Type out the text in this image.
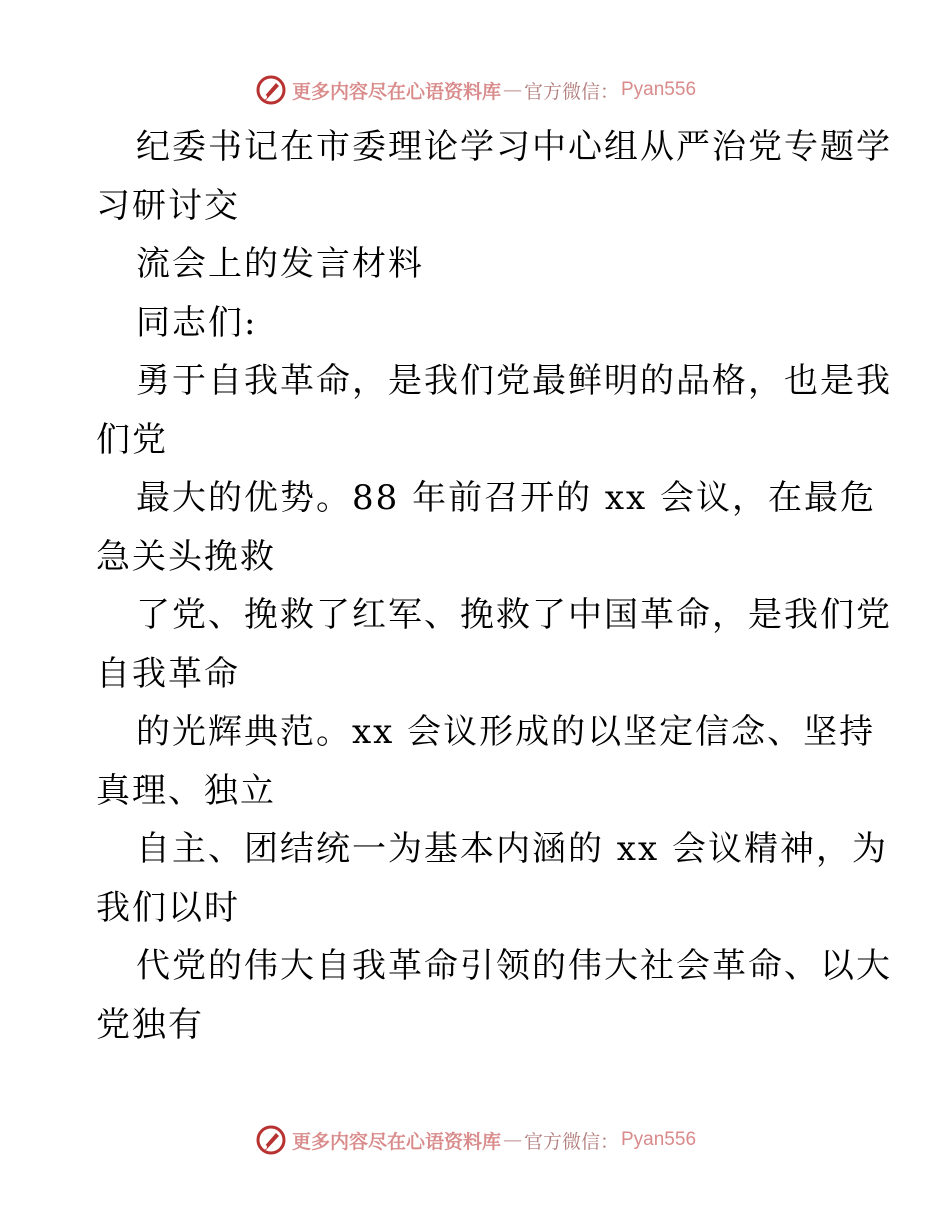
更多内容尽在心语资料库 — 官方微信： Pyan556
纪委书记在市委理论学习中心组从严治党专题学
习研讨交
流会上的发言材料
同志们:
勇于自我革命，是我们党最鲜明的品格，也是我
们党
最大的优势。88 年前召开的 xx 会议，在最危
急关头挽救
了党、挽救了红军、挽救了中国革命，是我们党
自我革命
的光辉典范。xx 会议形成的以坚定信念、坚持
真理、独立
自主、团结统一为基本内涵的 xx 会议精神，为
我们以时
代党的伟大自我革命引领的伟大社会革命、以大
党独有
更多内容尽在心语资料库 — 官方微信： Pyan556
